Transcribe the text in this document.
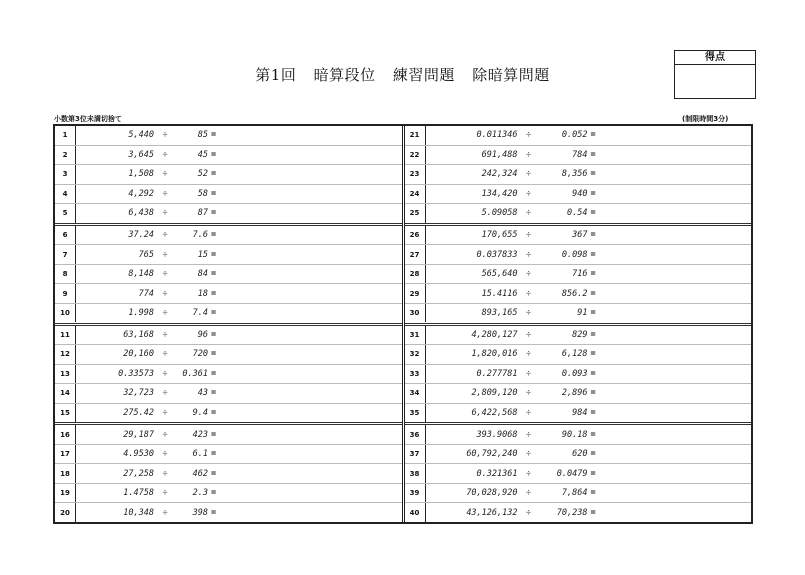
第1回 暗算段位 練習問題 除暗算問題
得点
小数第3位未満切捨て	(制限時間3分)
1	5,440 ÷	85 =
2	3,645 ÷	45 =
3	1,508 ÷	52 =
4	4,292 ÷	58 =
5	6,438 ÷	87 =
6	37.24 ÷	7.6 =
7	765 ÷	15 =
8	8,148 ÷	84 =
9	774 ÷	18 =
10	1.998 ÷	7.4 =
11	63,168 ÷	96 =
12	20,160 ÷	720 =
13	0.33573 ÷	0.361 =
14	32,723 ÷	43 =
15	275.42 ÷	9.4 =
16	29,187 ÷	423 =
17	4.9530 ÷	6.1 =
18	27,258 ÷	462 =
19	1.4758 ÷	2.3 =
20	10,348 ÷	398 =
21	0.011346 ÷	0.052 =
22	691,488 ÷	784 =
23	242,324 ÷	8,356 =
24	134,420 ÷	940 =
25	5.09058 ÷	0.54 =
26	170,655 ÷	367 =
27	0.037833 ÷	0.098 =
28	565,640 ÷	716 =
29	15.4116 ÷	856.2 =
30	893,165 ÷	91 =
31	4,280,127 ÷	829 =
32	1,820,016 ÷	6,128 =
33	0.277781 ÷	0.093 =
34	2,809,120 ÷	2,896 =
35	6,422,568 ÷	984 =
36	393.9068 ÷	90.18 =
37	60,792,240 ÷	620 =
38	0.321361 ÷	0.0479 =
39	70,028,920 ÷	7,864 =
40	43,126,132 ÷	70,238 =
